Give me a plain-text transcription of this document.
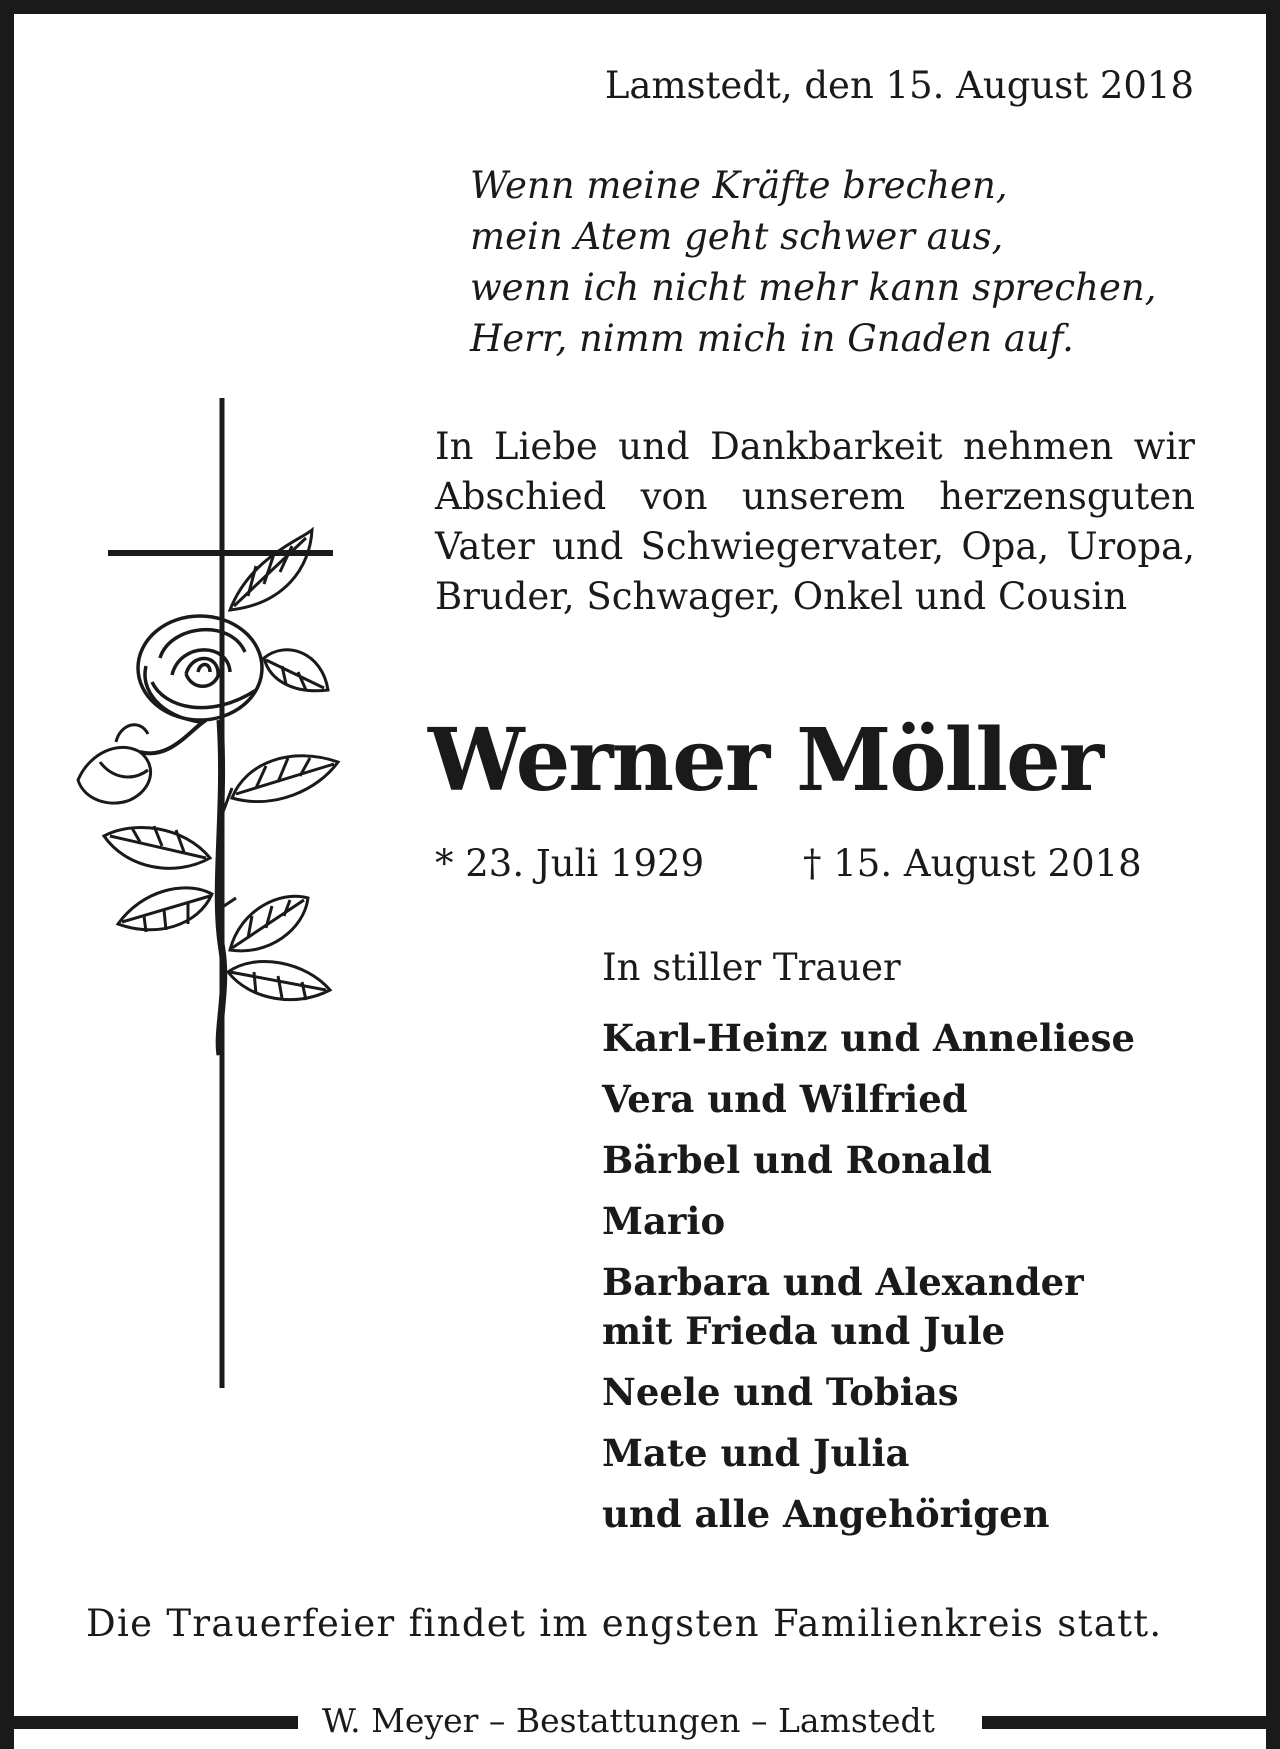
Lamstedt, den 15. August 2018
Wenn meine Kräfte brechen,
mein Atem geht schwer aus,
wenn ich nicht mehr kann sprechen,
Herr, nimm mich in Gnaden auf.
In Liebe und Dankbarkeit nehmen wir Abschied von unserem herzensguten Vater und Schwiegervater, Opa, Uropa, Bruder, Schwager, Onkel und Cousin
Werner Möller
* 23. Juli 1929	† 15. August 2018
In stiller Trauer
Karl-Heinz und Anneliese
Vera und Wilfried
Bärbel und Ronald
Mario
Barbara und Alexander
mit Frieda und Jule
Neele und Tobias
Mate und Julia
und alle Angehörigen
Die Trauerfeier findet im engsten Familienkreis statt.
W. Meyer – Bestattungen – Lamstedt
